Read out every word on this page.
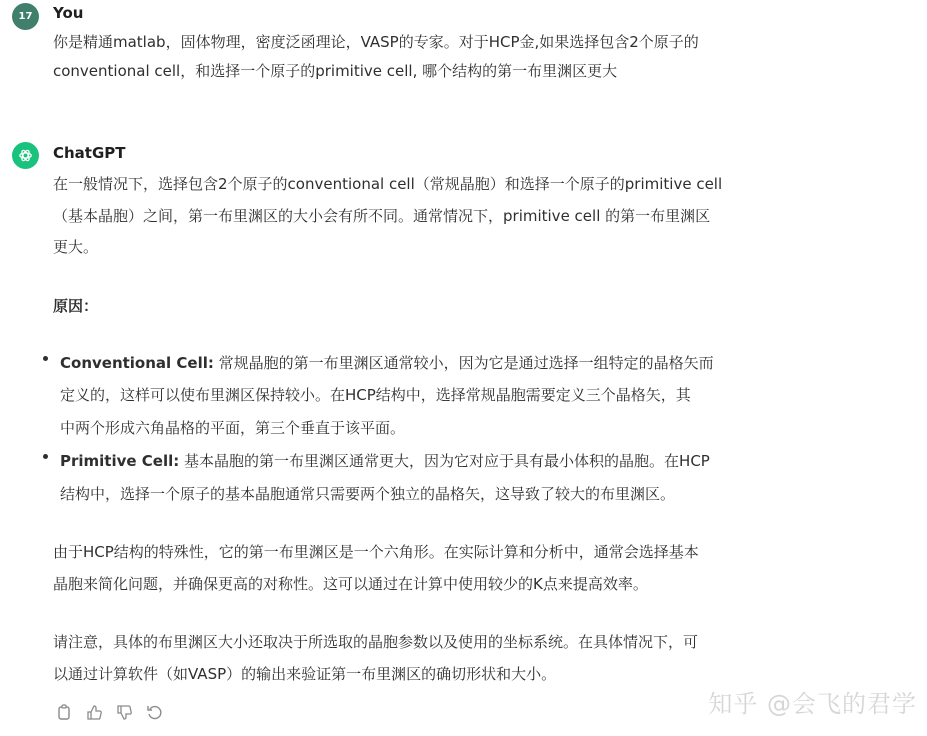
17	You
你是精通matlab，固体物理，密度泛函理论，VASP的专家。对于HCP金,如果选择包含2个原子的
conventional cell，和选择一个原子的primitive cell, 哪个结构的第一布里渊区更大
ChatGPT
在一般情况下，选择包含2个原子的conventional cell（常规晶胞）和选择一个原子的primitive cell
（基本晶胞）之间，第一布里渊区的大小会有所不同。通常情况下，primitive cell 的第一布里渊区
更大。
原因：
Conventional Cell: 常规晶胞的第一布里渊区通常较小，因为它是通过选择一组特定的晶格矢而
定义的，这样可以使布里渊区保持较小。在HCP结构中，选择常规晶胞需要定义三个晶格矢，其
中两个形成六角晶格的平面，第三个垂直于该平面。
Primitive Cell: 基本晶胞的第一布里渊区通常更大，因为它对应于具有最小体积的晶胞。在HCP
结构中，选择一个原子的基本晶胞通常只需要两个独立的晶格矢，这导致了较大的布里渊区。
由于HCP结构的特殊性，它的第一布里渊区是一个六角形。在实际计算和分析中，通常会选择基本
晶胞来简化问题，并确保更高的对称性。这可以通过在计算中使用较少的K点来提高效率。
请注意，具体的布里渊区大小还取决于所选取的晶胞参数以及使用的坐标系统。在具体情况下，可
以通过计算软件（如VASP）的输出来验证第一布里渊区的确切形状和大小。
知乎 @会飞的君学
